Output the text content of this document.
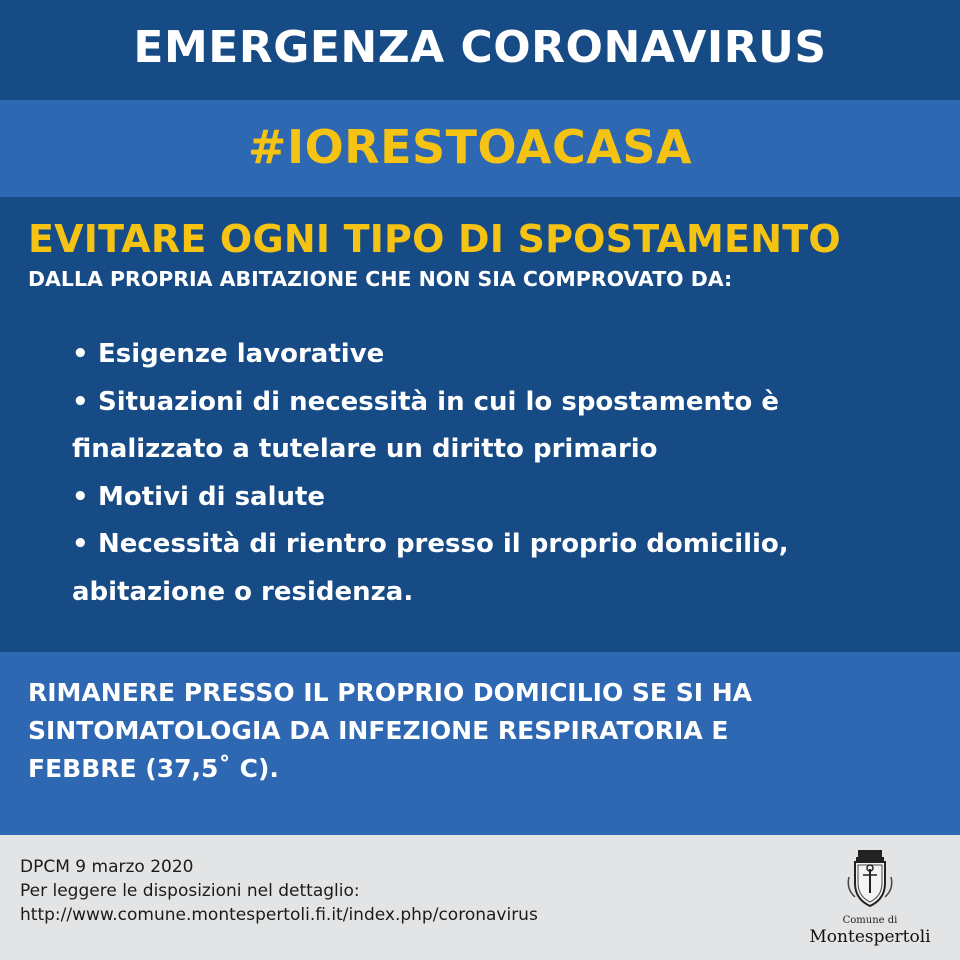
EMERGENZA CORONAVIRUS
#IORESTOACASA
EVITARE OGNI TIPO DI SPOSTAMENTO
DALLA PROPRIA ABITAZIONE CHE NON SIA COMPROVATO DA:
• Esigenze lavorative
• Situazioni di necessità in cui lo spostamento è
finalizzato a tutelare un diritto primario
• Motivi di salute
• Necessità di rientro presso il proprio domicilio,
abitazione o residenza.
RIMANERE PRESSO IL PROPRIO DOMICILIO SE SI HA
SINTOMATOLOGIA DA INFEZIONE RESPIRATORIA E
FEBBRE (37,5˚ C).
DPCM 9 marzo 2020
Per leggere le disposizioni nel dettaglio:
http://www.comune.montespertoli.fi.it/index.php/coronavirus	Comune di
Montespertoli
